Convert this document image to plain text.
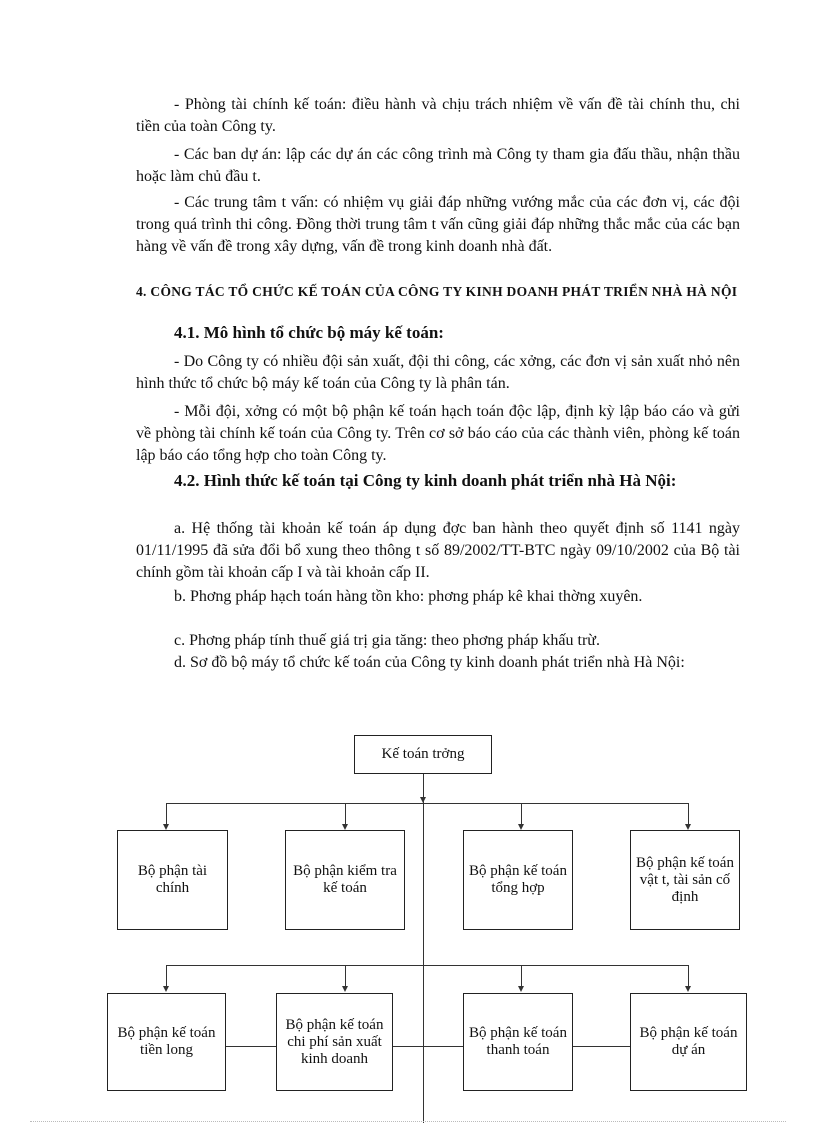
- Phòng tài chính kế toán: điều hành và chịu trách nhiệm về vấn đề tài chính thu, chi tiền của toàn Công ty.

- Các ban dự án: lập các dự án các công trình mà Công ty tham gia đấu thầu, nhận thầu hoặc làm chủ đầu t.

- Các trung tâm t vấn: có nhiệm vụ giải đáp những vướng mắc của các đơn vị, các đội trong quá trình thi công. Đồng thời trung tâm t vấn cũng giải đáp những thắc mắc của các bạn hàng về vấn đề trong xây dựng, vấn đề trong kinh doanh nhà đất.

4. CÔNG TÁC TỔ CHỨC KẾ TOÁN CỦA CÔNG TY KINH DOANH PHÁT TRIỂN NHÀ HÀ NỘI

4.1. Mô hình tổ chức bộ máy kế toán:

- Do Công ty có nhiều đội sản xuất, đội thi công, các xởng, các đơn vị sản xuất nhỏ nên hình thức tổ chức bộ máy kế toán của Công ty là phân tán.

- Mỗi đội, xởng có một bộ phận kế toán hạch toán độc lập, định kỳ lập báo cáo và gửi về phòng tài chính kế toán của Công ty. Trên cơ sở báo cáo của các thành viên, phòng kế toán lập báo cáo tổng hợp cho toàn Công ty.

4.2. Hình thức kế toán tại Công ty kinh doanh phát triển nhà Hà Nội:

a. Hệ thống tài khoản kế toán áp dụng đợc ban hành theo quyết định số 1141 ngày 01/11/1995 đã sửa đổi bổ xung theo thông t số 89/2002/TT-BTC ngày 09/10/2002 của Bộ tài chính gồm tài khoản cấp I và tài khoản cấp II.

b. Phơng pháp hạch toán hàng tồn kho: phơng pháp kê khai thờng xuyên.

c. Phơng pháp tính thuế giá trị gia tăng: theo phơng pháp khấu trừ.

d. Sơ đồ bộ máy tổ chức kế toán của Công ty kinh doanh phát triển nhà Hà Nội:

Kế toán trởng
Bộ phận tài chính
Bộ phận kiểm tra kế toán
Bộ phận kế toán tổng hợp
Bộ phận kế toán vật t, tài sản cố định
Bộ phận kế toán tiền long
Bộ phận kế toán chi phí sản xuất kinh doanh
Bộ phận kế toán thanh toán
Bộ phận kế toán dự án
